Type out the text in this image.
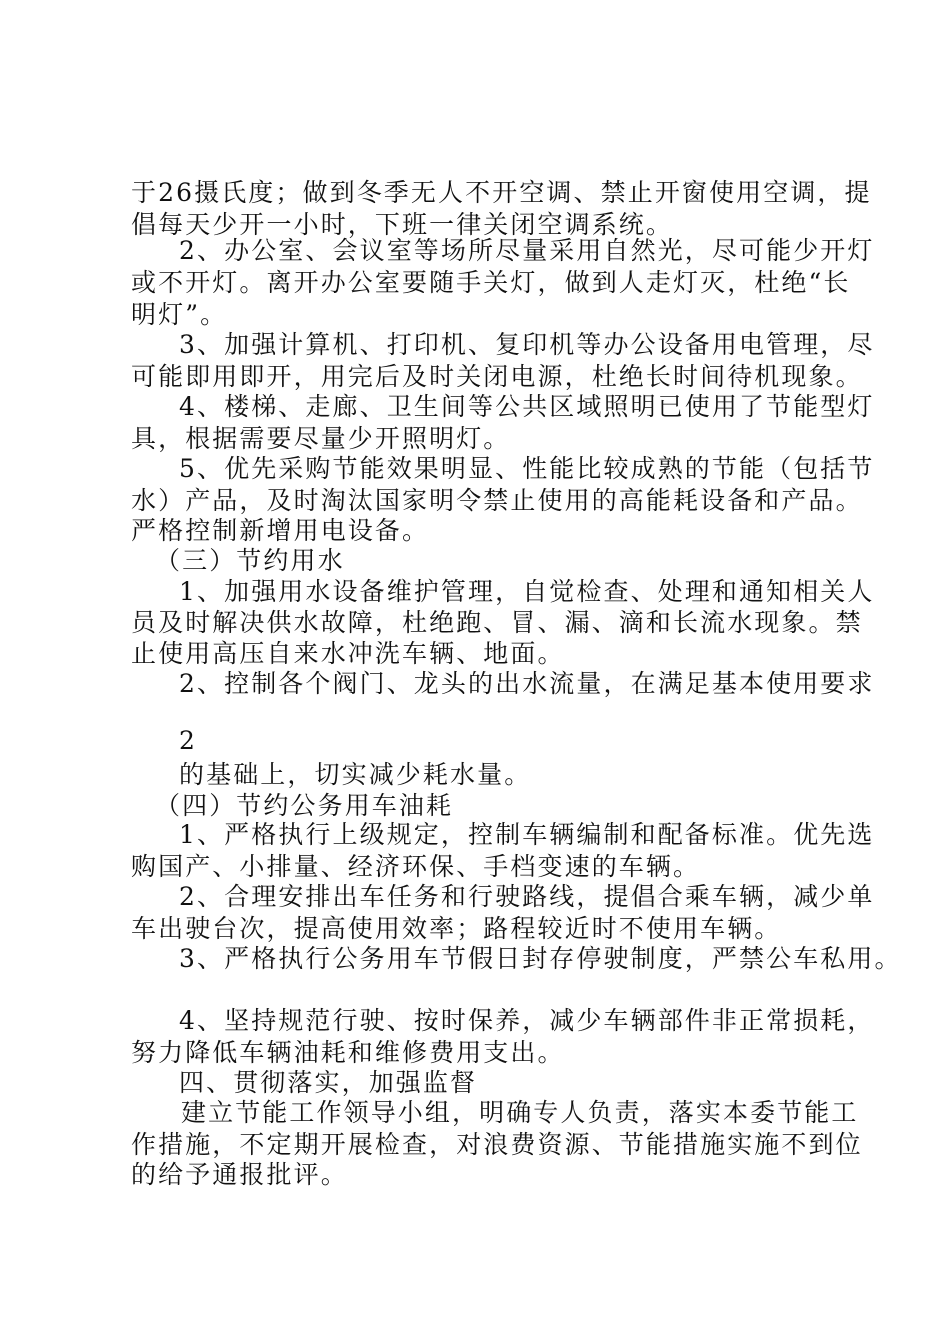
于26摄氏度；做到冬季无人不开空调、禁止开窗使用空调，提
倡每天少开一小时，下班一律关闭空调系统。
2、办公室、会议室等场所尽量采用自然光，尽可能少开灯
或不开灯。离开办公室要随手关灯，做到人走灯灭，杜绝“长
明灯”。
3、加强计算机、打印机、复印机等办公设备用电管理，尽
可能即用即开，用完后及时关闭电源，杜绝长时间待机现象。
4、楼梯、走廊、卫生间等公共区域照明已使用了节能型灯
具，根据需要尽量少开照明灯。
5、优先采购节能效果明显、性能比较成熟的节能（包括节
水）产品，及时淘汰国家明令禁止使用的高能耗设备和产品。
严格控制新增用电设备。
（三）节约用水
1、加强用水设备维护管理，自觉检查、处理和通知相关人
员及时解决供水故障，杜绝跑、冒、漏、滴和长流水现象。禁
止使用高压自来水冲洗车辆、地面。
2、控制各个阀门、龙头的出水流量，在满足基本使用要求
2
的基础上，切实减少耗水量。
（四）节约公务用车油耗
1、严格执行上级规定，控制车辆编制和配备标准。优先选
购国产、小排量、经济环保、手档变速的车辆。
2、合理安排出车任务和行驶路线，提倡合乘车辆，减少单
车出驶台次，提高使用效率；路程较近时不使用车辆。
3、严格执行公务用车节假日封存停驶制度，严禁公车私用。
4、坚持规范行驶、按时保养，减少车辆部件非正常损耗，
努力降低车辆油耗和维修费用支出。
四、贯彻落实，加强监督
建立节能工作领导小组，明确专人负责，落实本委节能工
作措施，不定期开展检查，对浪费资源、节能措施实施不到位
的给予通报批评。
